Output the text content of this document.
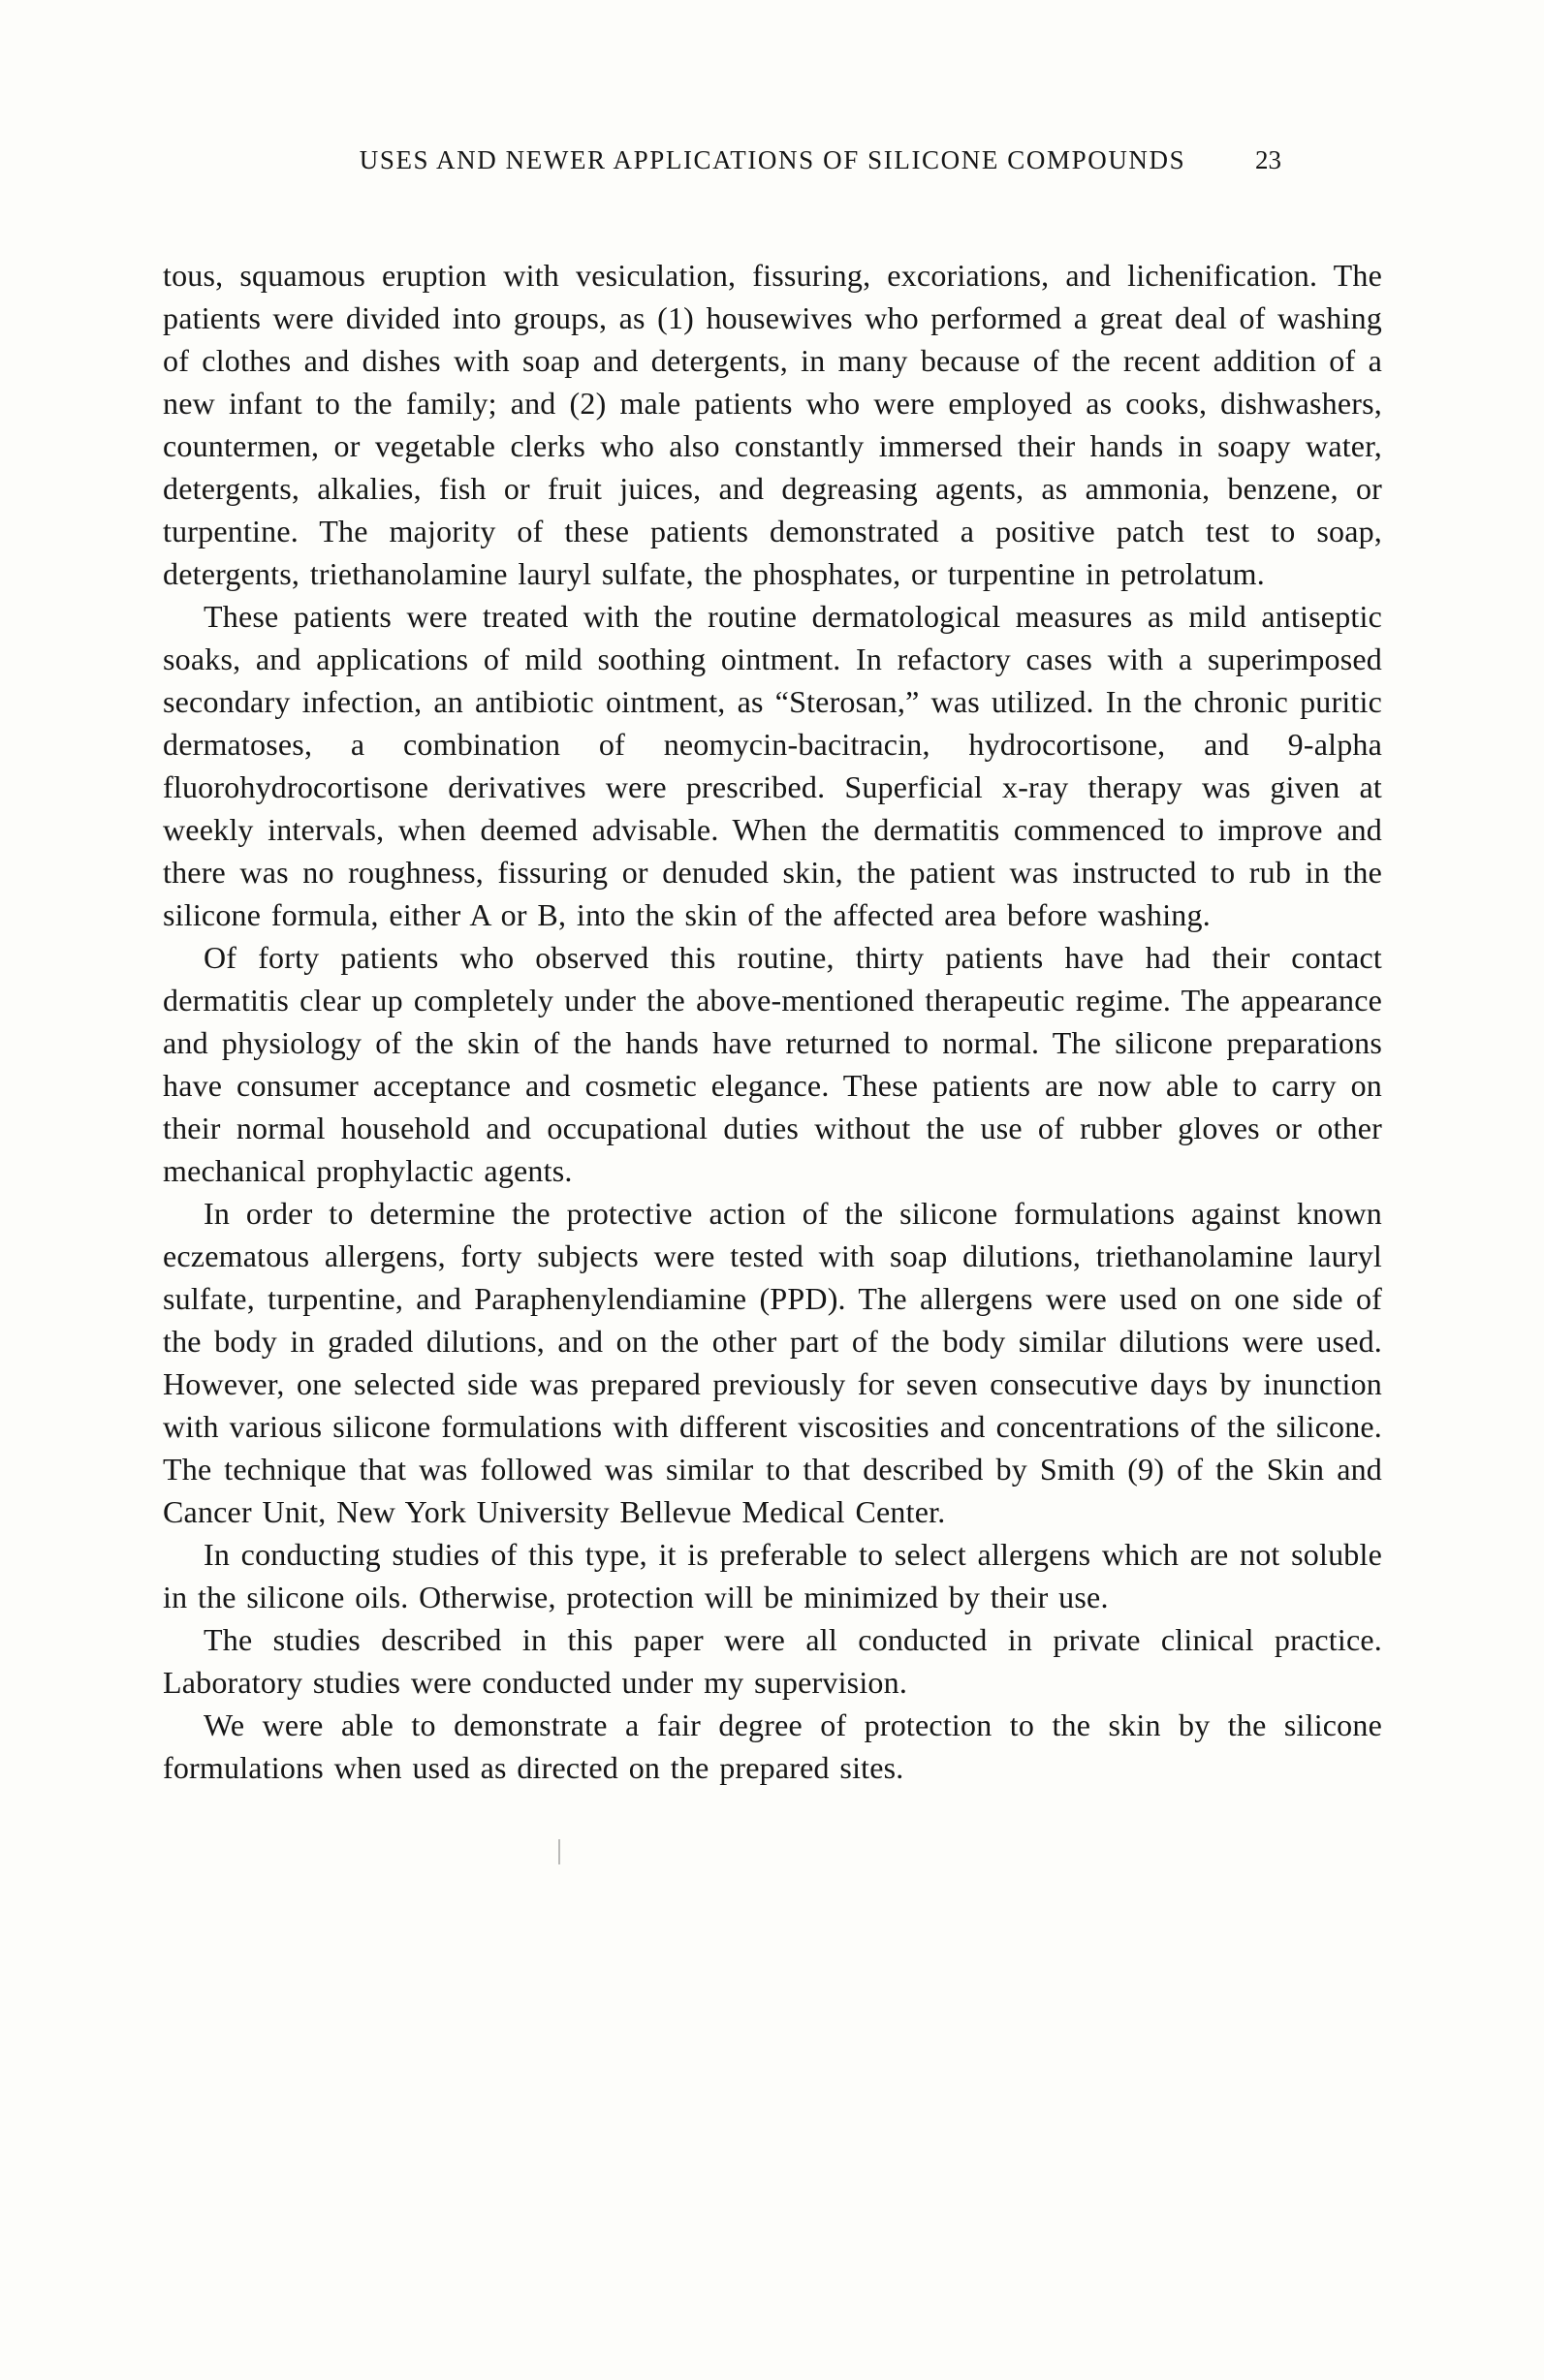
USES AND NEWER APPLICATIONS OF SILICONE COMPOUNDS	23

tous, squamous eruption with vesiculation, fissuring, excoriations, and lichenification. The patients were divided into groups, as (1) housewives who performed a great deal of washing of clothes and dishes with soap and detergents, in many because of the recent addition of a new infant to the family; and (2) male patients who were employed as cooks, dishwashers, countermen, or vegetable clerks who also constantly immersed their hands in soapy water, detergents, alkalies, fish or fruit juices, and degreasing agents, as ammonia, benzene, or turpentine. The majority of these patients demonstrated a positive patch test to soap, detergents, triethanolamine lauryl sulfate, the phosphates, or turpentine in petrolatum.

These patients were treated with the routine dermatological measures as mild antiseptic soaks, and applications of mild soothing ointment. In refactory cases with a superimposed secondary infection, an antibiotic ointment, as “Sterosan,” was utilized. In the chronic puritic dermatoses, a combination of neomycin-bacitracin, hydrocortisone, and 9-alpha fluorohydrocortisone derivatives were prescribed. Superficial x-ray therapy was given at weekly intervals, when deemed advisable. When the dermatitis commenced to improve and there was no roughness, fissuring or denuded skin, the patient was instructed to rub in the silicone formula, either A or B, into the skin of the affected area before washing.

Of forty patients who observed this routine, thirty patients have had their contact dermatitis clear up completely under the above-mentioned therapeutic regime. The appearance and physiology of the skin of the hands have returned to normal. The silicone preparations have consumer acceptance and cosmetic elegance. These patients are now able to carry on their normal household and occupational duties without the use of rubber gloves or other mechanical prophylactic agents.

In order to determine the protective action of the silicone formulations against known eczematous allergens, forty subjects were tested with soap dilutions, triethanolamine lauryl sulfate, turpentine, and Paraphenylendiamine (PPD). The allergens were used on one side of the body in graded dilutions, and on the other part of the body similar dilutions were used. However, one selected side was prepared previously for seven consecutive days by inunction with various silicone formulations with different viscosities and concentrations of the silicone. The technique that was followed was similar to that described by Smith (9) of the Skin and Cancer Unit, New York University Bellevue Medical Center.

In conducting studies of this type, it is preferable to select allergens which are not soluble in the silicone oils. Otherwise, protection will be minimized by their use.

The studies described in this paper were all conducted in private clinical practice. Laboratory studies were conducted under my supervision.

We were able to demonstrate a fair degree of protection to the skin by the silicone formulations when used as directed on the prepared sites.
